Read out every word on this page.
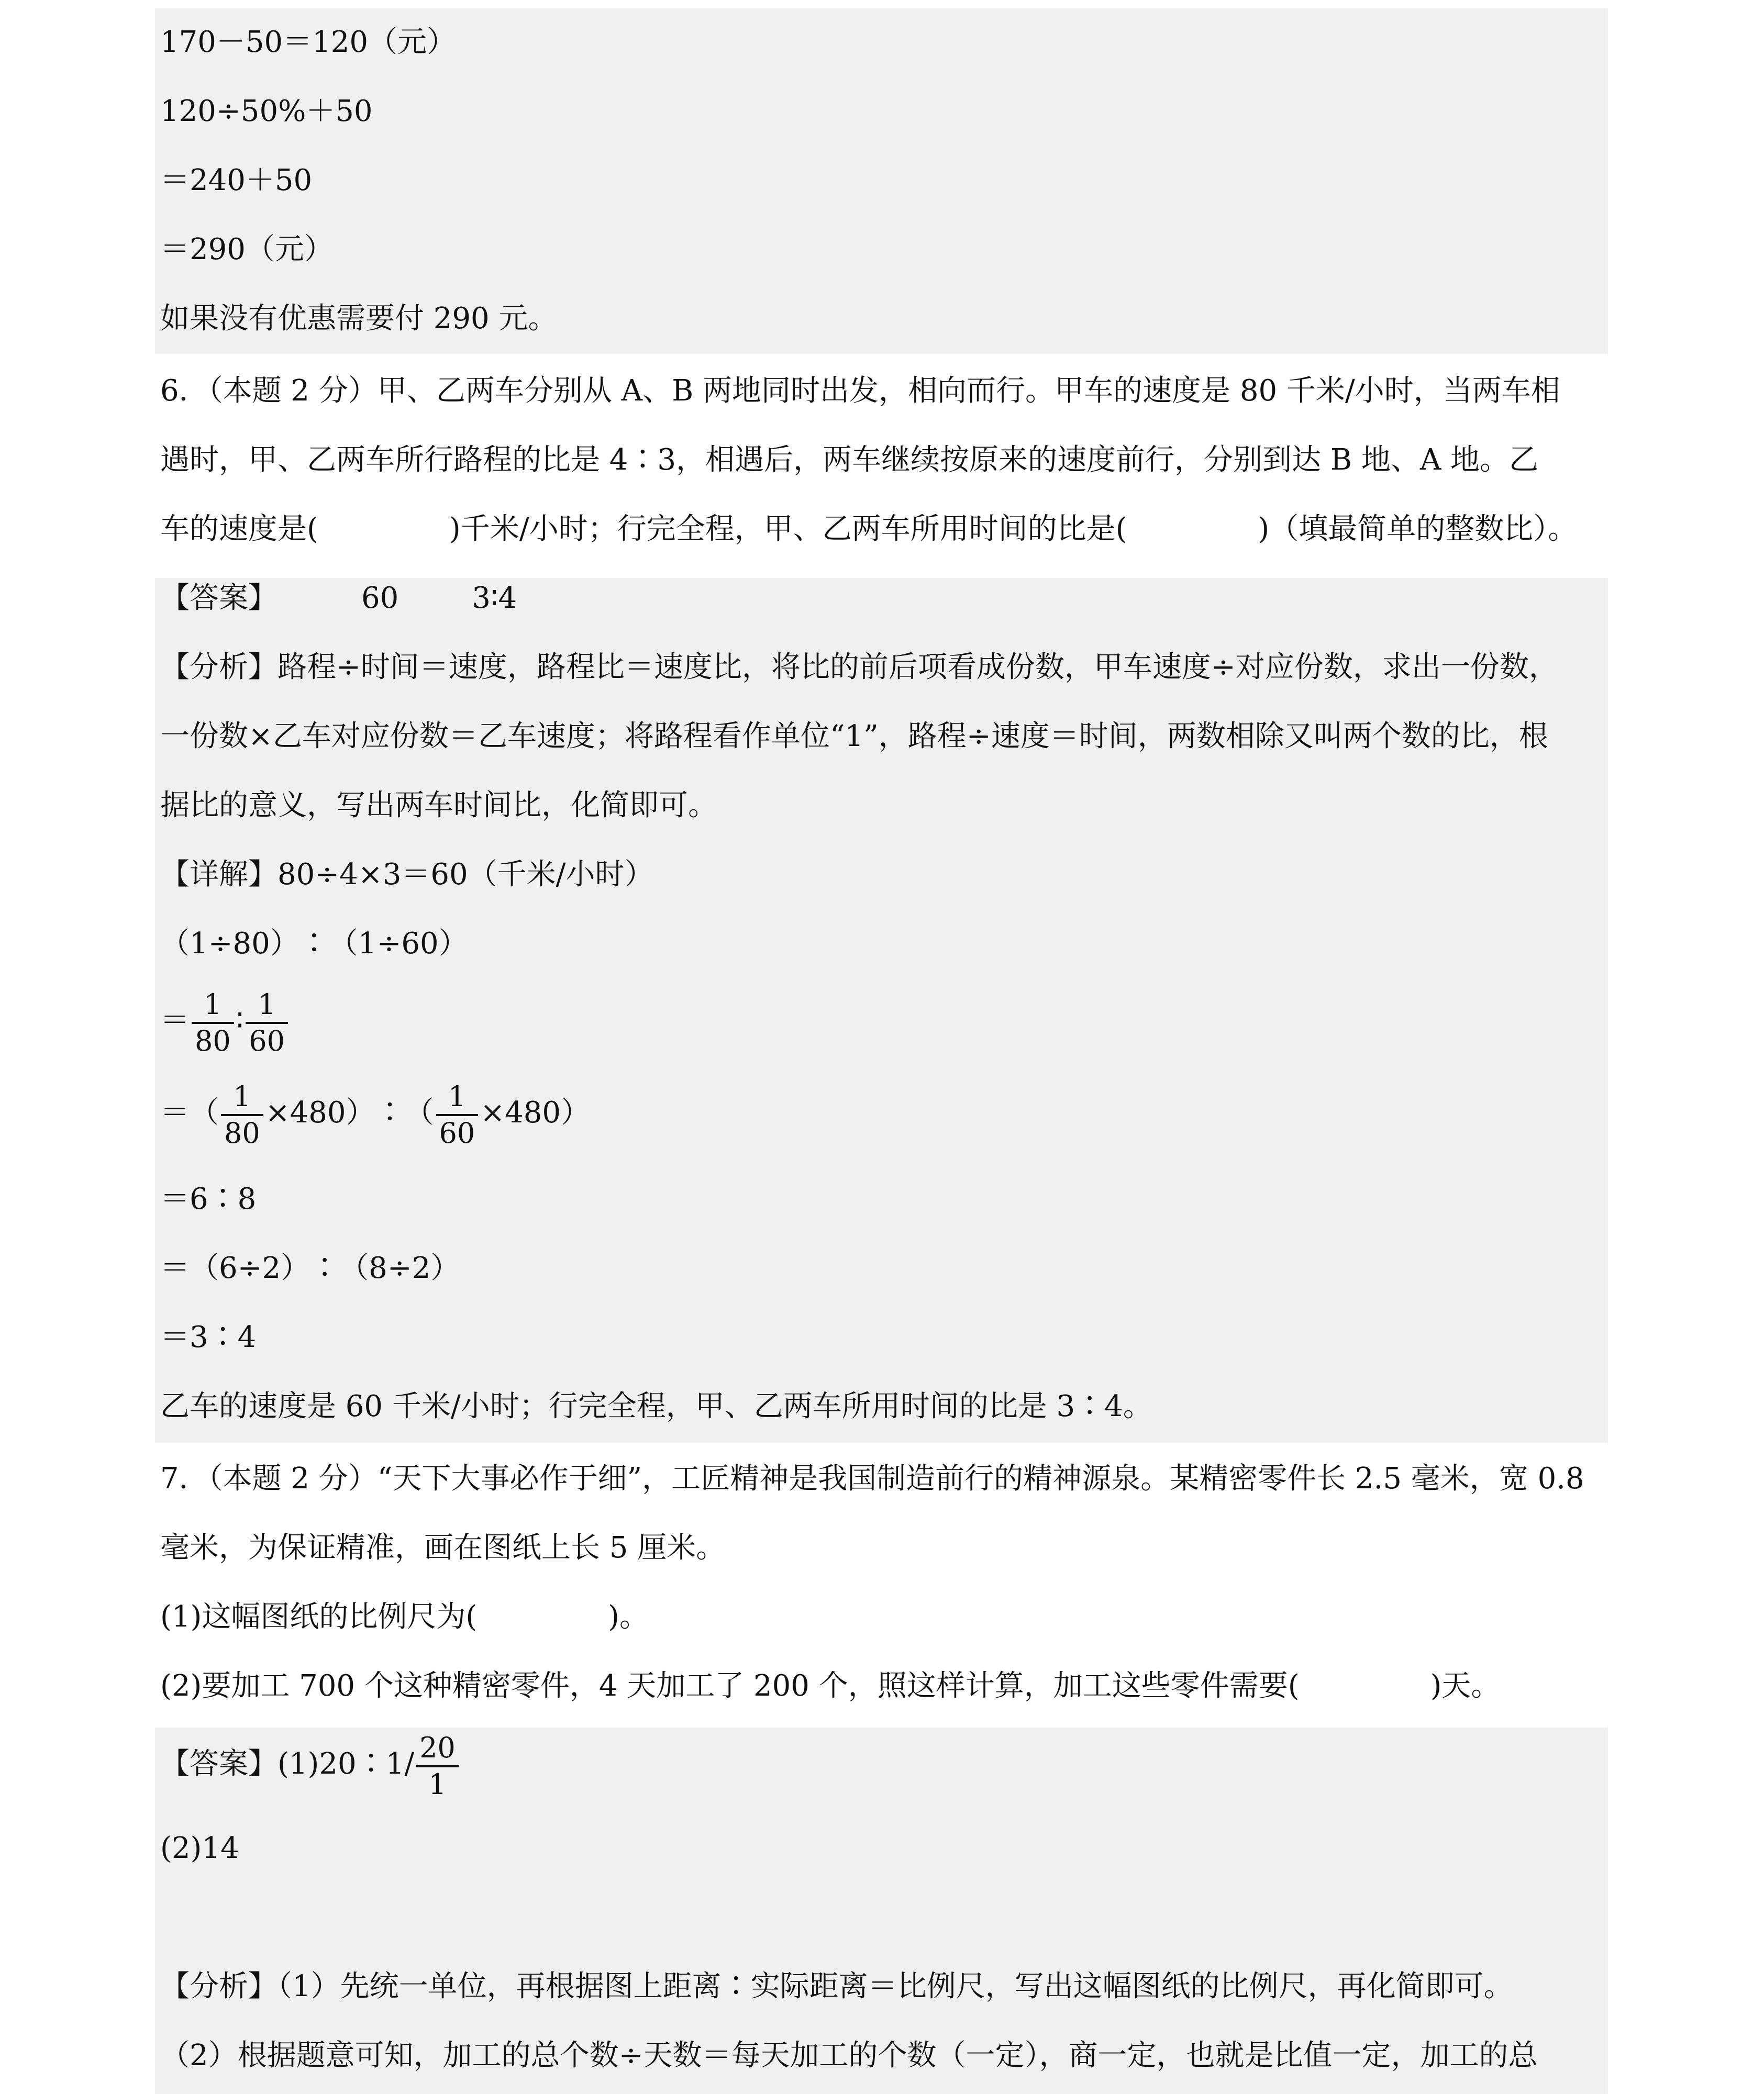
170－50＝120（元）
120÷50%＋50
＝240＋50
＝290（元）
如果没有优惠需要付 290 元。
6．（本题 2 分）甲、乙两车分别从 A、B 两地同时出发，相向而行。甲车的速度是 80 千米/小时，当两车相
遇时，甲、乙两车所行路程的比是 4∶3，相遇后，两车继续按原来的速度前行，分别到达 B 地、A 地。乙
车的速度是(	)千米/小时；行完全程，甲、乙两车所用时间的比是(	)（填最简单的整数比）。
【答案】	60	3∶4
【分析】路程÷时间＝速度，路程比＝速度比，将比的前后项看成份数，甲车速度÷对应份数，求出一份数，
一份数×乙车对应份数＝乙车速度；将路程看作单位“1”，路程÷速度＝时间，两数相除又叫两个数的比，根
据比的意义，写出两车时间比，化简即可。
【详解】80÷4×3＝60（千米/小时）
（1÷80）∶（1÷60）
＝ $\frac{1}{80}$ ∶ $\frac{1}{60}$
＝（ $\frac{1}{80}$ ×480）∶（ $\frac{1}{60} \times 480$）
＝6∶8
＝（6÷2）∶（8÷2）
＝3∶4
乙车的速度是 60 千米/小时；行完全程，甲、乙两车所用时间的比是 3∶4。
7．（本题 2 分）“天下大事必作于细”，工匠精神是我国制造前行的精神源泉。某精密零件长 2.5 毫米，宽 0.8
毫米，为保证精准，画在图纸上长 5 厘米。
(1)这幅图纸的比例尺为(	)。
(2)要加工 700 个这种精密零件，4 天加工了 200 个，照这样计算，加工这些零件需要(	)天。
【答案】(1)20∶1/ $\frac{20}{1}$
(2)14
【分析】（1）先统一单位，再根据图上距离∶实际距离＝比例尺，写出这幅图纸的比例尺，再化简即可。
（2）根据题意可知，加工的总个数÷天数＝每天加工的个数（一定），商一定，也就是比值一定，加工的总
